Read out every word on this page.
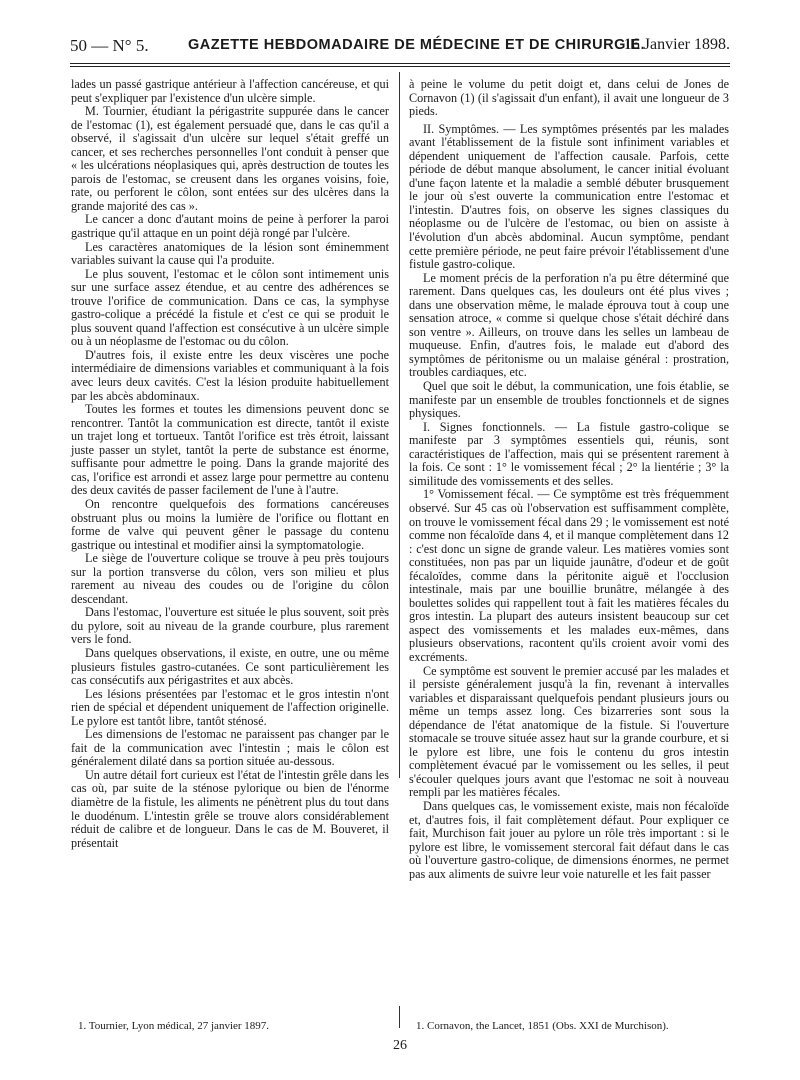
50 — N° 5.	GAZETTE HEBDOMADAIRE DE MÉDECINE ET DE CHIRURGIE.
16 Janvier 1898.

lades un passé gastrique antérieur à l'affection cancéreuse, et qui peut s'expliquer par l'existence d'un ulcère simple.

M. Tournier, étudiant la périgastrite suppurée dans le cancer de l'estomac (1), est également persuadé que, dans le cas qu'il a observé, il s'agissait d'un ulcère sur lequel s'était greffé un cancer, et ses recherches personnelles l'ont conduit à penser que « les ulcérations néoplasiques qui, après destruction de toutes les parois de l'estomac, se creusent dans les organes voisins, foie, rate, ou perforent le côlon, sont entées sur des ulcères dans la grande majorité des cas ».

Le cancer a donc d'autant moins de peine à perforer la paroi gastrique qu'il attaque en un point déjà rongé par l'ulcère.

Les caractères anatomiques de la lésion sont éminemment variables suivant la cause qui l'a produite.

Le plus souvent, l'estomac et le côlon sont intimement unis sur une surface assez étendue, et au centre des adhérences se trouve l'orifice de communication. Dans ce cas, la symphyse gastro-colique a précédé la fistule et c'est ce qui se produit le plus souvent quand l'affection est consécutive à un ulcère simple ou à un néoplasme de l'estomac ou du côlon.

D'autres fois, il existe entre les deux viscères une poche intermédiaire de dimensions variables et communiquant à la fois avec leurs deux cavités. C'est la lésion produite habituellement par les abcès abdominaux.

Toutes les formes et toutes les dimensions peuvent donc se rencontrer. Tantôt la communication est directe, tantôt il existe un trajet long et tortueux. Tantôt l'orifice est très étroit, laissant juste passer un stylet, tantôt la perte de substance est énorme, suffisante pour admettre le poing. Dans la grande majorité des cas, l'orifice est arrondi et assez large pour permettre au contenu des deux cavités de passer facilement de l'une à l'autre.

On rencontre quelquefois des formations cancéreuses obstruant plus ou moins la lumière de l'orifice ou flottant en forme de valve qui peuvent gêner le passage du contenu gastrique ou intestinal et modifier ainsi la symptomatologie.

Le siège de l'ouverture colique se trouve à peu près toujours sur la portion transverse du côlon, vers son milieu et plus rarement au niveau des coudes ou de l'origine du côlon descendant.

Dans l'estomac, l'ouverture est située le plus souvent, soit près du pylore, soit au niveau de la grande courbure, plus rarement vers le fond.

Dans quelques observations, il existe, en outre, une ou même plusieurs fistules gastro-cutanées. Ce sont particulièrement les cas consécutifs aux périgastrites et aux abcès.

Les lésions présentées par l'estomac et le gros intestin n'ont rien de spécial et dépendent uniquement de l'affection originelle. Le pylore est tantôt libre, tantôt sténosé.

Les dimensions de l'estomac ne paraissent pas changer par le fait de la communication avec l'intestin ; mais le côlon est généralement dilaté dans sa portion située au-dessous.

Un autre détail fort curieux est l'état de l'intestin grêle dans les cas où, par suite de la sténose pylorique ou bien de l'énorme diamètre de la fistule, les aliments ne pénètrent plus du tout dans le duodénum. L'intestin grêle se trouve alors considérablement réduit de calibre et de longueur. Dans le cas de M. Bouveret, il présentait

à peine le volume du petit doigt et, dans celui de Jones de Cornavon (1) (il s'agissait d'un enfant), il avait une longueur de 3 pieds.

II. Symptômes. — Les symptômes présentés par les malades avant l'établissement de la fistule sont infiniment variables et dépendent uniquement de l'affection causale. Parfois, cette période de début manque absolument, le cancer initial évoluant d'une façon latente et la maladie a semblé débuter brusquement le jour où s'est ouverte la communication entre l'estomac et l'intestin. D'autres fois, on observe les signes classiques du néoplasme ou de l'ulcère de l'estomac, ou bien on assiste à l'évolution d'un abcès abdominal. Aucun symptôme, pendant cette première période, ne peut faire prévoir l'établissement d'une fistule gastro-colique.

Le moment précis de la perforation n'a pu être déterminé que rarement. Dans quelques cas, les douleurs ont été plus vives ; dans une observation même, le malade éprouva tout à coup une sensation atroce, « comme si quelque chose s'était déchiré dans son ventre ». Ailleurs, on trouve dans les selles un lambeau de muqueuse. Enfin, d'autres fois, le malade eut d'abord des symptômes de péritonisme ou un malaise général : prostration, troubles cardiaques, etc.

Quel que soit le début, la communication, une fois établie, se manifeste par un ensemble de troubles fonctionnels et de signes physiques.

I. Signes fonctionnels. — La fistule gastro-colique se manifeste par 3 symptômes essentiels qui, réunis, sont caractéristiques de l'affection, mais qui se présentent rarement à la fois. Ce sont : 1° le vomissement fécal ; 2° la lientérie ; 3° la similitude des vomissements et des selles.

1° Vomissement fécal. — Ce symptôme est très fréquemment observé. Sur 45 cas où l'observation est suffisamment complète, on trouve le vomissement fécal dans 29 ; le vomissement est noté comme non fécaloïde dans 4, et il manque complètement dans 12 : c'est donc un signe de grande valeur. Les matières vomies sont constituées, non pas par un liquide jaunâtre, d'odeur et de goût fécaloïdes, comme dans la péritonite aiguë et l'occlusion intestinale, mais par une bouillie brunâtre, mélangée à des boulettes solides qui rappellent tout à fait les matières fécales du gros intestin. La plupart des auteurs insistent beaucoup sur cet aspect des vomissements et les malades eux-mêmes, dans plusieurs observations, racontent qu'ils croient avoir vomi des excréments.

Ce symptôme est souvent le premier accusé par les malades et il persiste généralement jusqu'à la fin, revenant à intervalles variables et disparaissant quelquefois pendant plusieurs jours ou même un temps assez long. Ces bizarreries sont sous la dépendance de l'état anatomique de la fistule. Si l'ouverture stomacale se trouve située assez haut sur la grande courbure, et si le pylore est libre, une fois le contenu du gros intestin complètement évacué par le vomissement ou les selles, il peut s'écouler quelques jours avant que l'estomac ne soit à nouveau rempli par les matières fécales.

Dans quelques cas, le vomissement existe, mais non fécaloïde et, d'autres fois, il fait complètement défaut. Pour expliquer ce fait, Murchison fait jouer au pylore un rôle très important : si le pylore est libre, le vomissement stercoral fait défaut dans le cas où l'ouverture gastro-colique, de dimensions énormes, ne permet pas aux aliments de suivre leur voie naturelle et les fait passer

1. Tournier, Lyon médical, 27 janvier 1897.	1. Cornavon, the Lancet, 1851 (Obs. XXI de Murchison).
26
